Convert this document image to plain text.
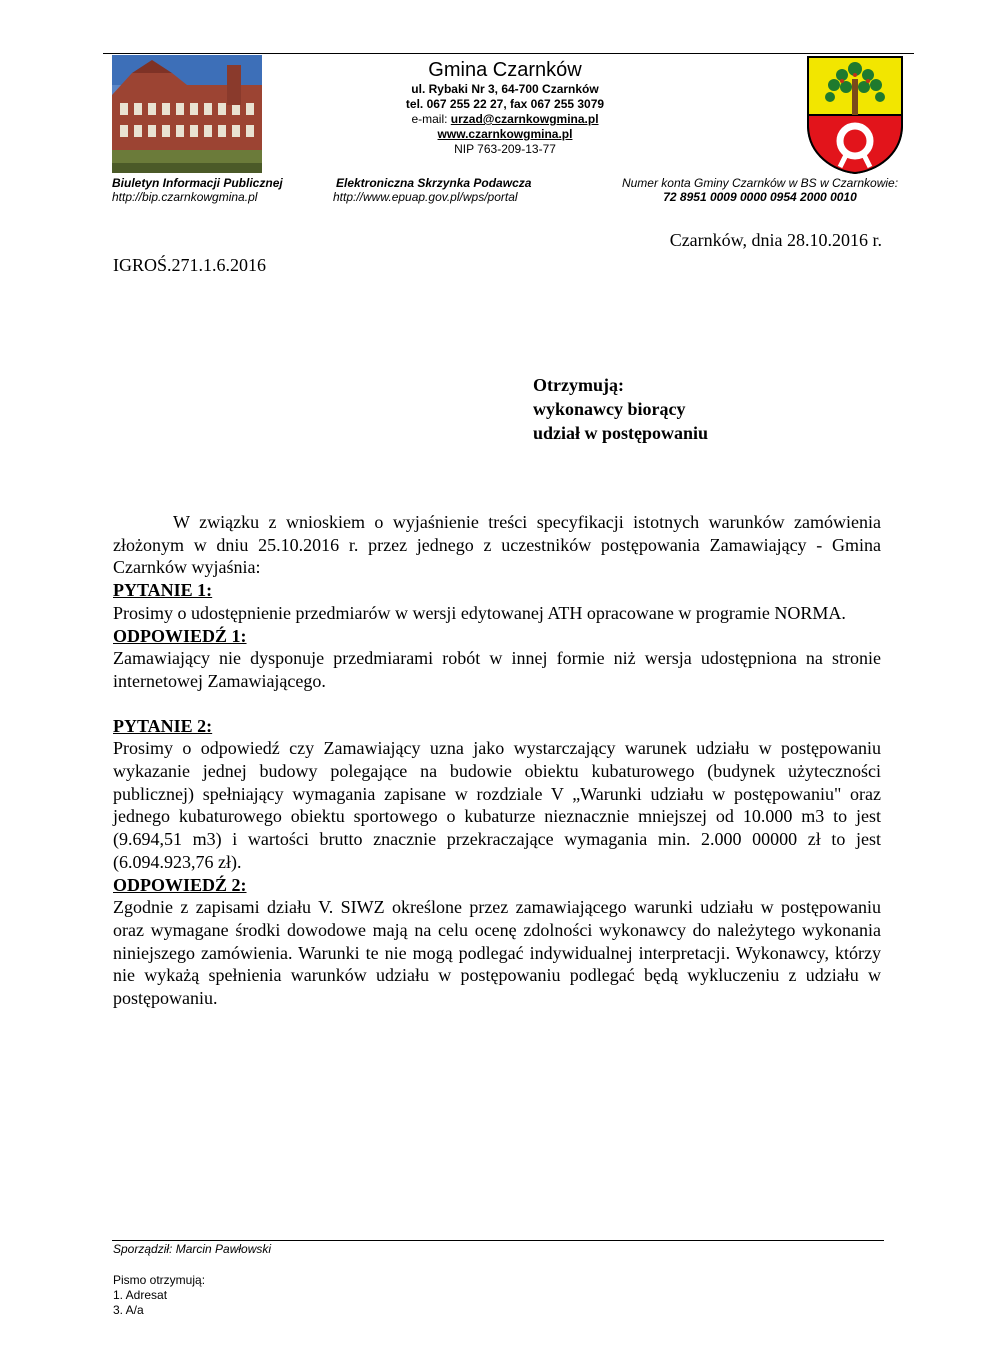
Gmina Czarnków
ul. Rybaki Nr 3, 64-700 Czarnków
tel. 067 255 22 27, fax 067 255 3079
e-mail: urzad@czarnkowgmina.pl
www.czarnkowgmina.pl
NIP 763-209-13-77
Biuletyn Informacji Publicznej
http://bip.czarnkowgmina.pl
Elektroniczna Skrzynka Podawcza
http://www.epuap.gov.pl/wps/portal
Numer konta Gminy Czarnków w BS w Czarnkowie:
72 8951 0009 0000 0954 2000 0010
Czarnków, dnia 28.10.2016 r.
IGROŚ.271.1.6.2016
Otrzymują:
wykonawcy biorący
udział w postępowaniu

W związku z wnioskiem o wyjaśnienie treści specyfikacji istotnych warunków zamówienia złożonym w dniu 25.10.2016 r. przez jednego z uczestników postępowania Zamawiający - Gmina Czarnków wyjaśnia:

PYTANIE 1:

Prosimy o udostępnienie przedmiarów w wersji edytowanej ATH opracowane w programie NORMA.

ODPOWIEDŹ 1:

Zamawiający nie dysponuje przedmiarami robót w innej formie niż wersja udostępniona na stronie internetowej Zamawiającego.

PYTANIE 2:

Prosimy o odpowiedź czy Zamawiający uzna jako wystarczający warunek udziału w postępowaniu wykazanie jednej budowy polegające na budowie obiektu kubaturowego (budynek użyteczności publicznej) spełniający wymagania zapisane w rozdziale V „Warunki udziału w postępowaniu" oraz jednego kubaturowego obiektu sportowego o kubaturze nieznacznie mniejszej od 10.000 m3 to jest (9.694,51 m3) i wartości brutto znacznie przekraczające wymagania min. 2.000 00000 zł to jest (6.094.923,76 zł).

ODPOWIEDŹ 2:

Zgodnie z zapisami działu V. SIWZ określone przez zamawiającego warunki udziału w postępowaniu oraz wymagane środki dowodowe mają na celu ocenę zdolności wykonawcy do należytego wykonania niniejszego zamówienia. Warunki te nie mogą podlegać indywidualnej interpretacji. Wykonawcy, którzy nie wykażą spełnienia warunków udziału w postępowaniu podlegać będą wykluczeniu z udziału w postępowaniu.

Sporządził: Marcin Pawłowski
Pismo otrzymują:
1. Adresat
3. A/a
